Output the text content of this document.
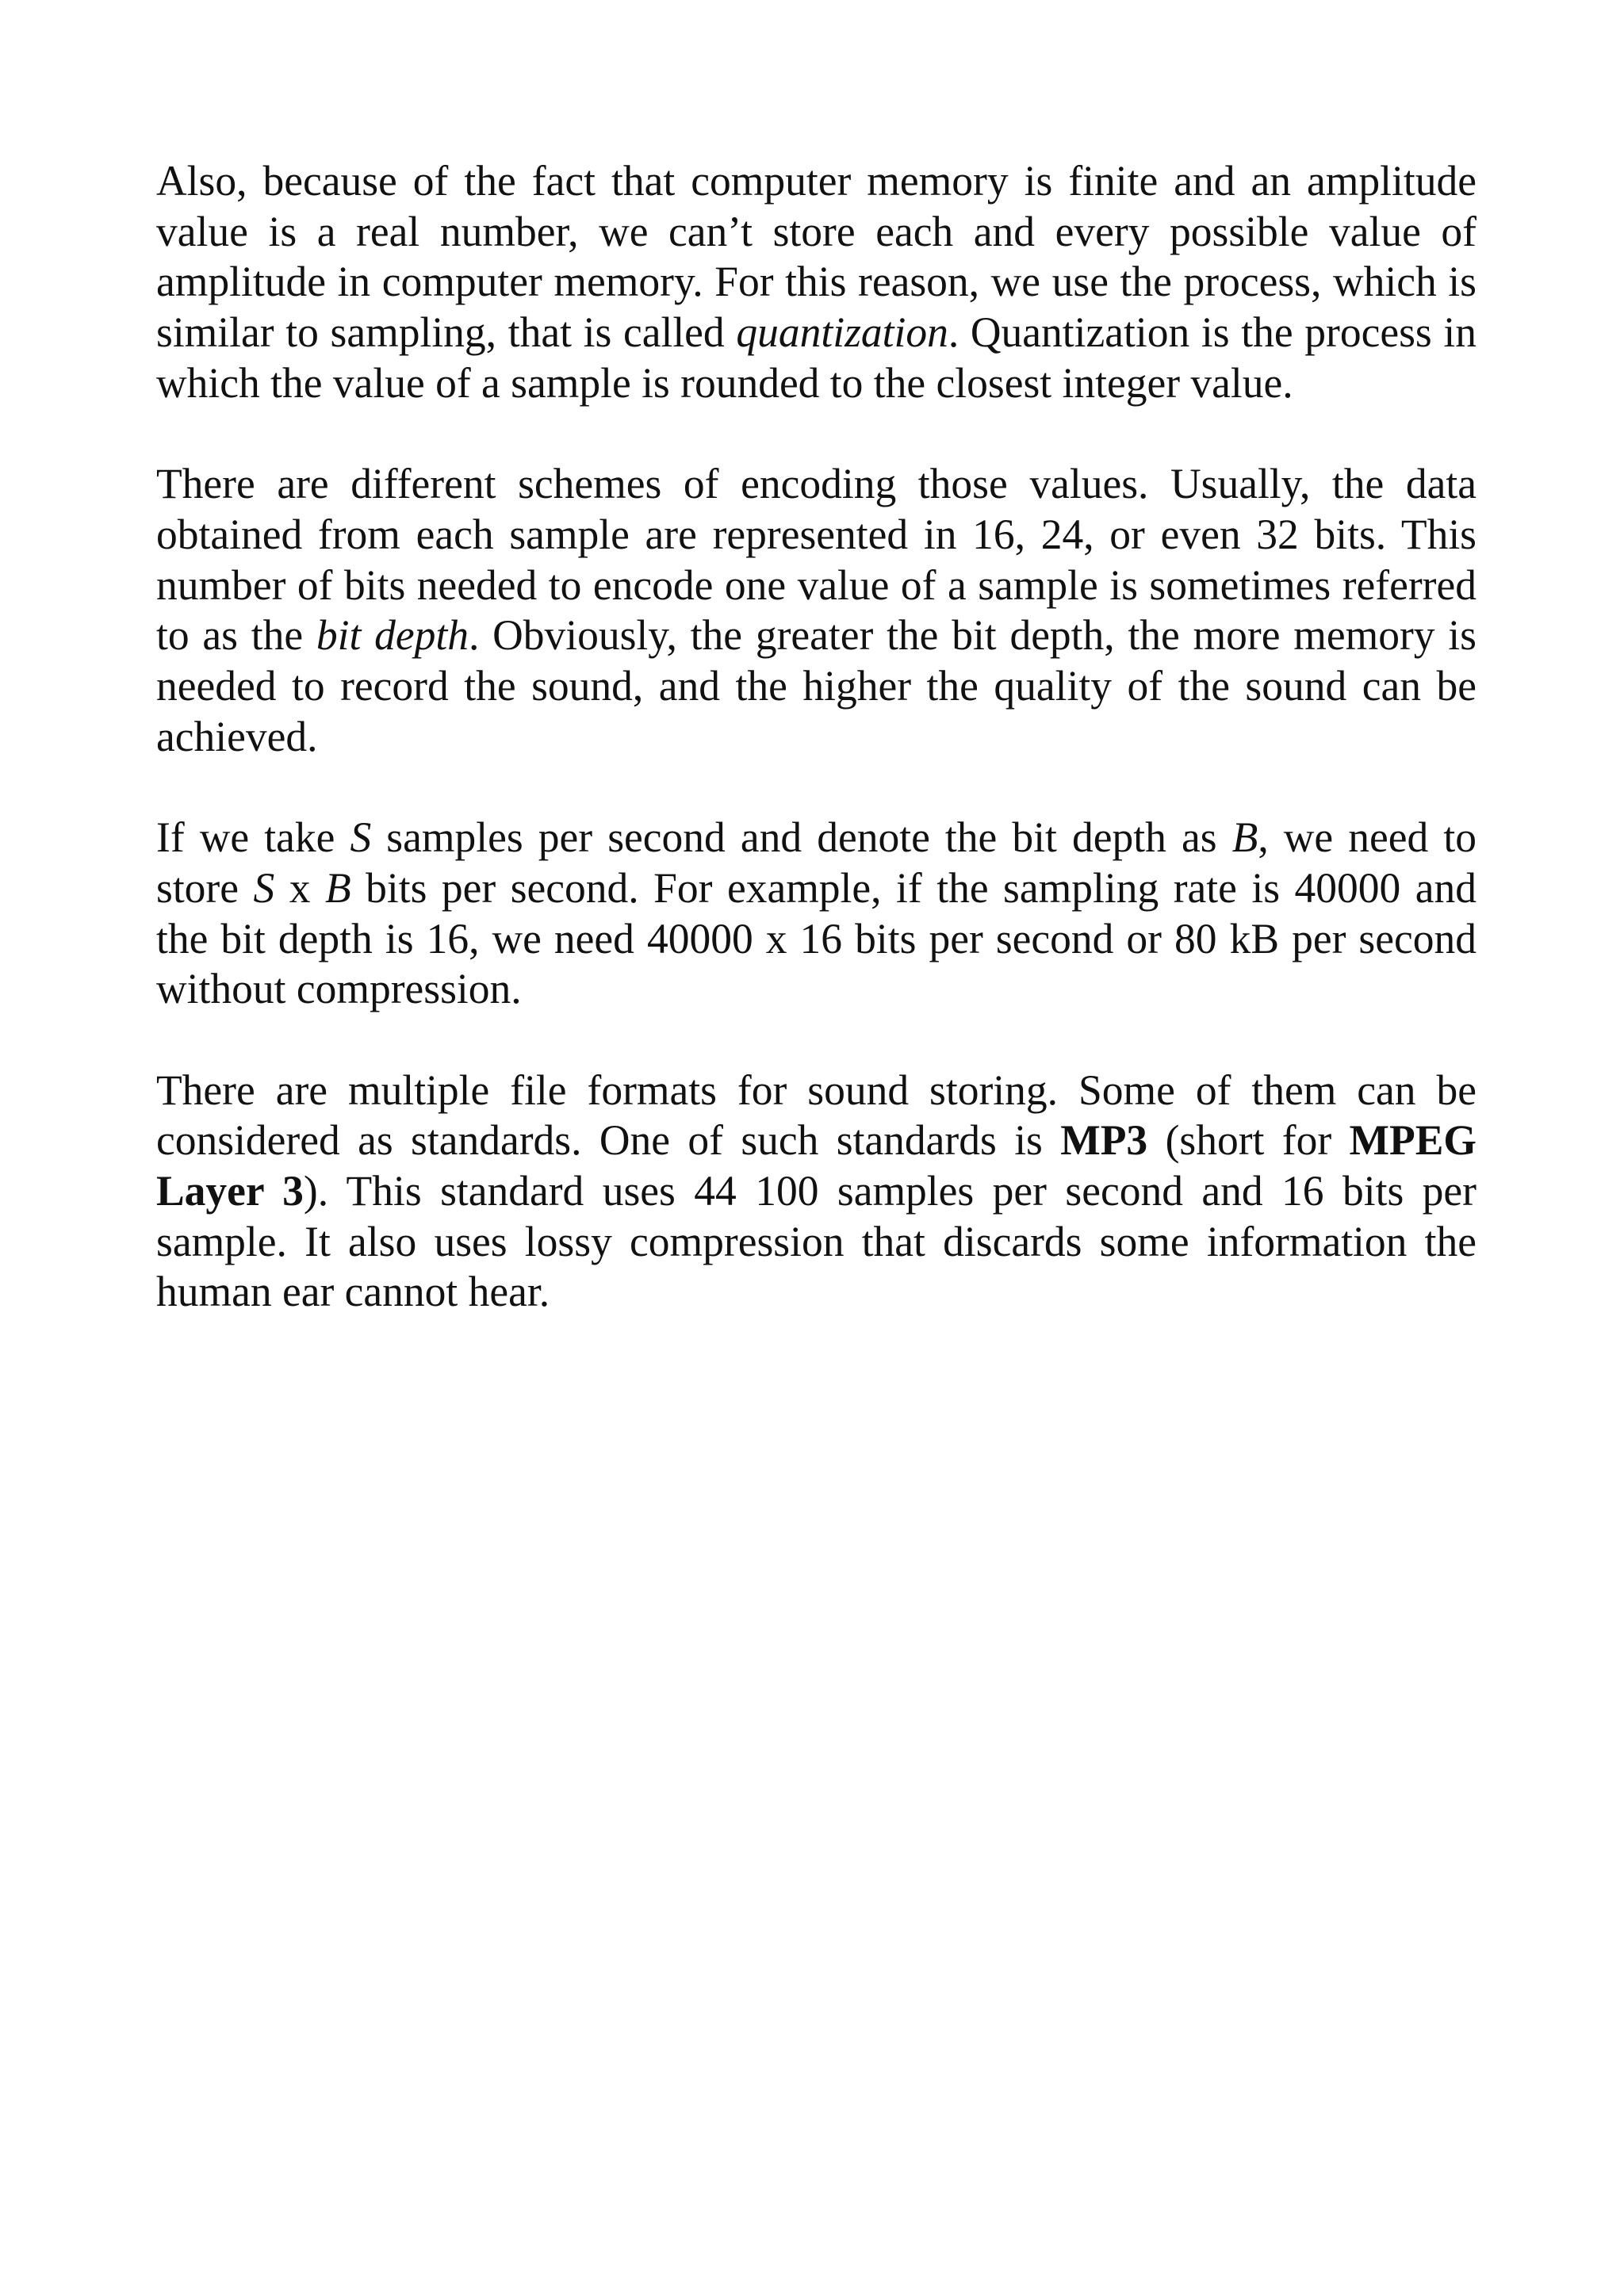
Also, because of the fact that computer memory is finite and an amplitude value is a real number, we can’t store each and every possible value of amplitude in computer memory. For this reason, we use the process, which is similar to sampling, that is called quantization. Quantization is the process in which the value of a sample is rounded to the closest integer value.

There are different schemes of encoding those values. Usually, the data obtained from each sample are represented in 16, 24, or even 32 bits. This number of bits needed to encode one value of a sample is sometimes referred to as the bit depth. Obviously, the greater the bit depth, the more memory is needed to record the sound, and the higher the quality of the sound can be achieved.

If we take S samples per second and denote the bit depth as B, we need to store S x B bits per second. For example, if the sampling rate is 40000 and the bit depth is 16, we need 40000 x 16 bits per second or 80 kB per second without compression.

There are multiple file formats for sound storing. Some of them can be considered as standards. One of such standards is MP3 (short for MPEG Layer 3). This standard uses 44 100 samples per second and 16 bits per sample. It also uses lossy compression that discards some information the human ear cannot hear.
